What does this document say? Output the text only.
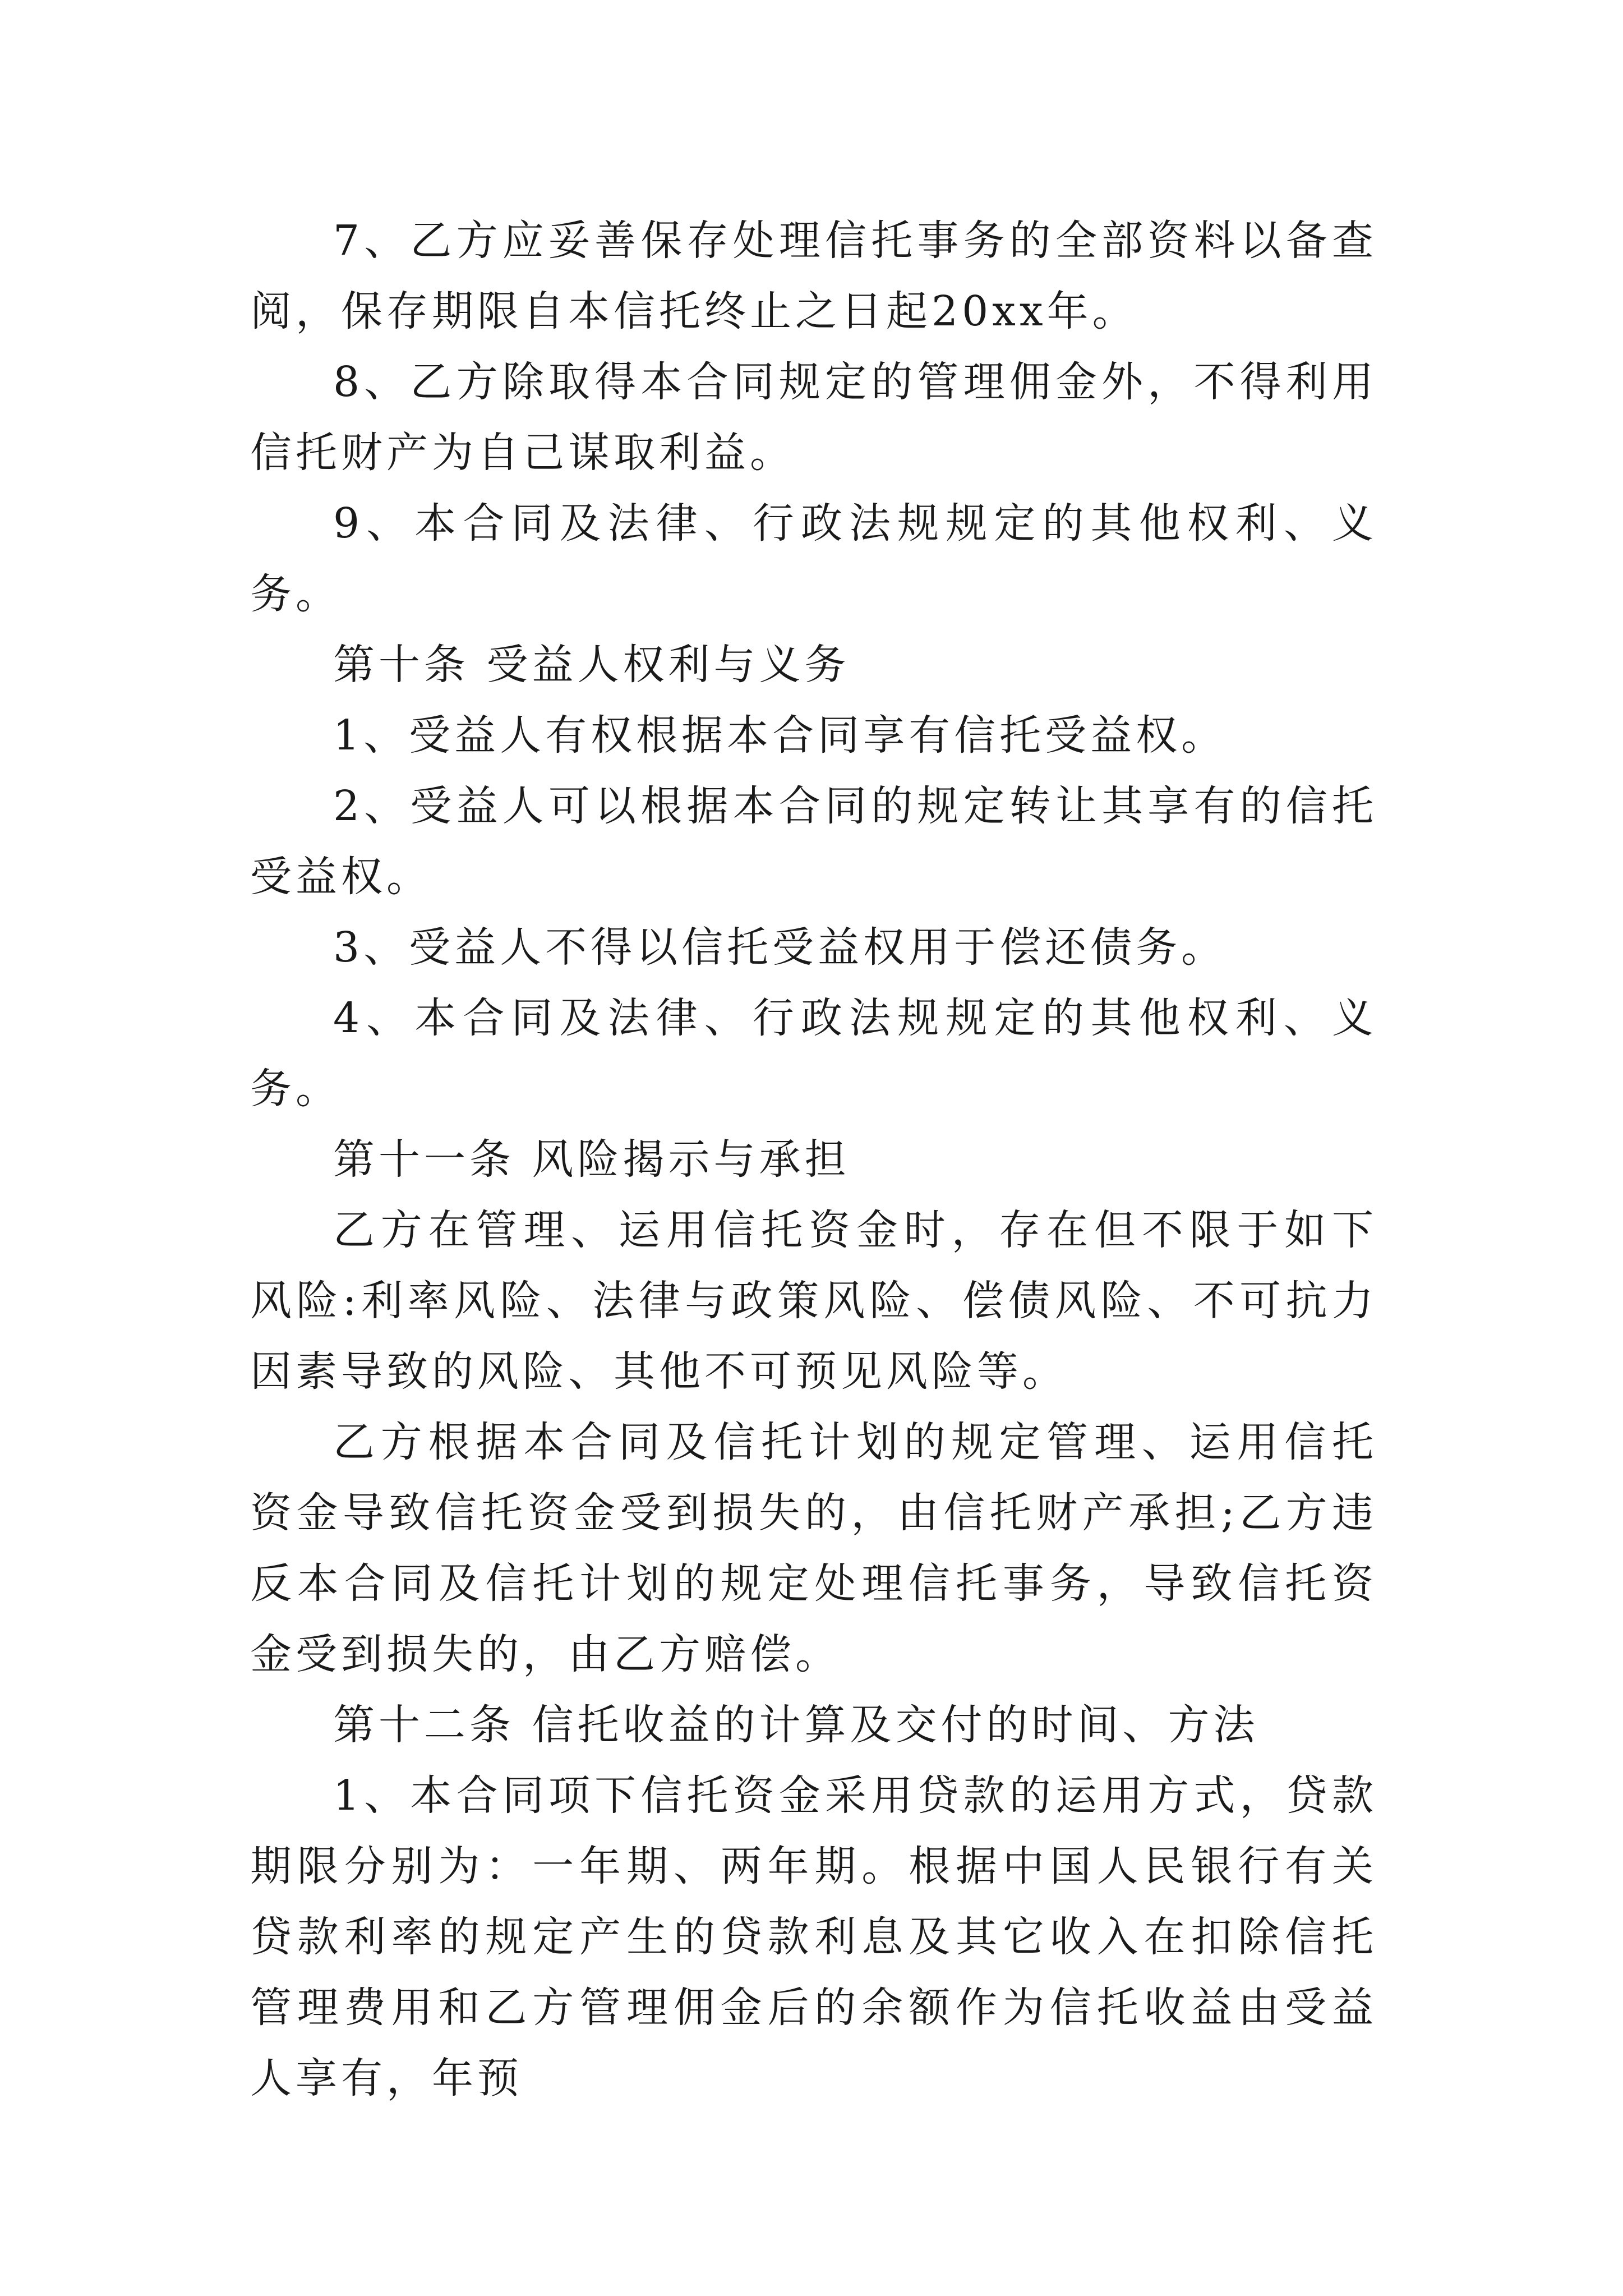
7、乙方应妥善保存处理信托事务的全部资料以备查阅，保存期限自本信托终止之日起20xx年。

8、乙方除取得本合同规定的管理佣金外，不得利用信托财产为自己谋取利益。

9、本合同及法律、行政法规规定的其他权利、义务。

第十条 受益人权利与义务

1、受益人有权根据本合同享有信托受益权。

2、受益人可以根据本合同的规定转让其享有的信托受益权。

3、受益人不得以信托受益权用于偿还债务。

4、本合同及法律、行政法规规定的其他权利、义务。

第十一条 风险揭示与承担

乙方在管理、运用信托资金时，存在但不限于如下风险:利率风险、法律与政策风险、偿债风险、不可抗力因素导致的风险、其他不可预见风险等。

乙方根据本合同及信托计划的规定管理、运用信托资金导致信托资金受到损失的，由信托财产承担;乙方违反本合同及信托计划的规定处理信托事务，导致信托资金受到损失的，由乙方赔偿。

第十二条 信托收益的计算及交付的时间、方法

1、本合同项下信托资金采用贷款的运用方式，贷款期限分别为：一年期、两年期。根据中国人民银行有关贷款利率的规定产生的贷款利息及其它收入在扣除信托管理费用和乙方管理佣金后的余额作为信托收益由受益人享有，年预
